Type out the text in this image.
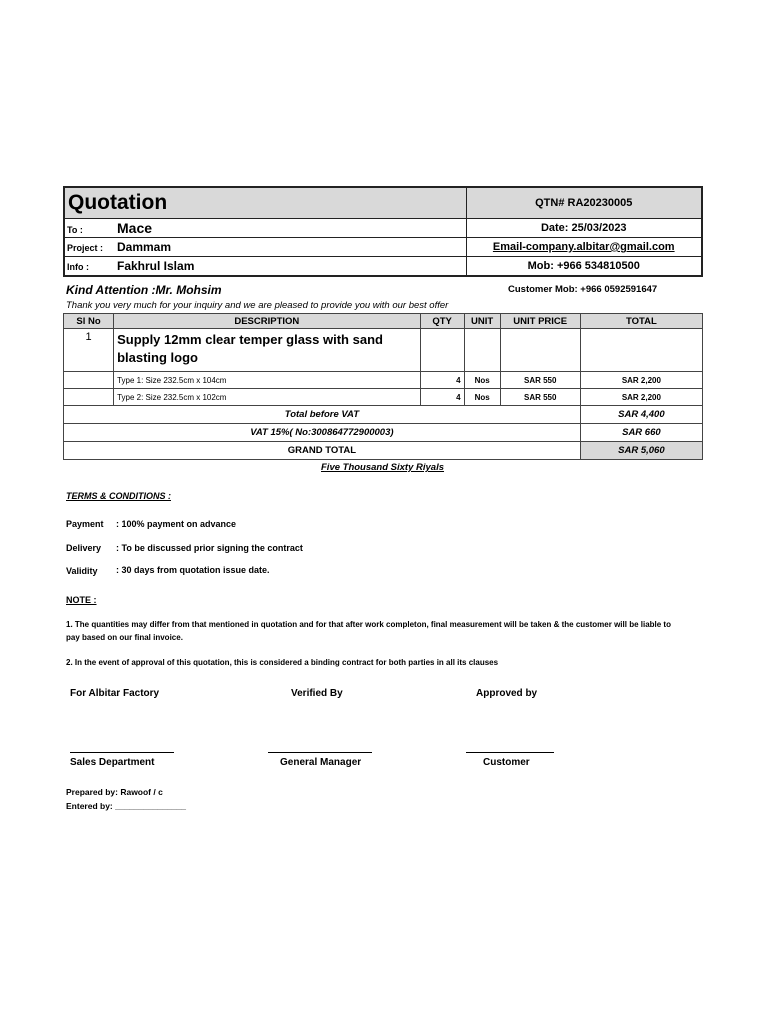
Quotation	QTN# RA20230005
To : Mace	Date: 25/03/2023
Project : Dammam	Email-company.albitar@gmail.com
Info : Fakhrul Islam	Mob: +966 534810500
Kind Attention :Mr. Mohsim	Customer Mob: +966 0592591647
Thank you very much for your inquiry and we are pleased to provide you with our best offer
Sl No	DESCRIPTION	QTY	UNIT	UNIT PRICE	TOTAL
1	Supply 12mm clear temper glass with sand blasting logo				
	Type 1: Size 232.5cm x 104cm	4	Nos	SAR 550	SAR 2,200
	Type 2: Size 232.5cm x 102cm	4	Nos	SAR 550	SAR 2,200
Total before VAT					SAR 4,400
VAT 15%( No:300864772900003)					SAR 660
GRAND TOTAL					SAR 5,060
Five Thousand Sixty Riyals
TERMS & CONDITIONS :
Payment : 100% payment on advance
Delivery : To be discussed prior signing the contract
Validity : 30 days from quotation issue date.
NOTE :
1. The quantities may differ from that mentioned in quotation and for that after work completon, final measurement will be taken & the customer will be liable to
pay based on our final invoice.
2. In the event of approval of this quotation, this is considered a binding contract for both parties in all its clauses
For Albitar Factory	Verified By	Approved by
Sales Department	General Manager	Customer
Prepared by: Rawoof / c
Entered by: _______________
